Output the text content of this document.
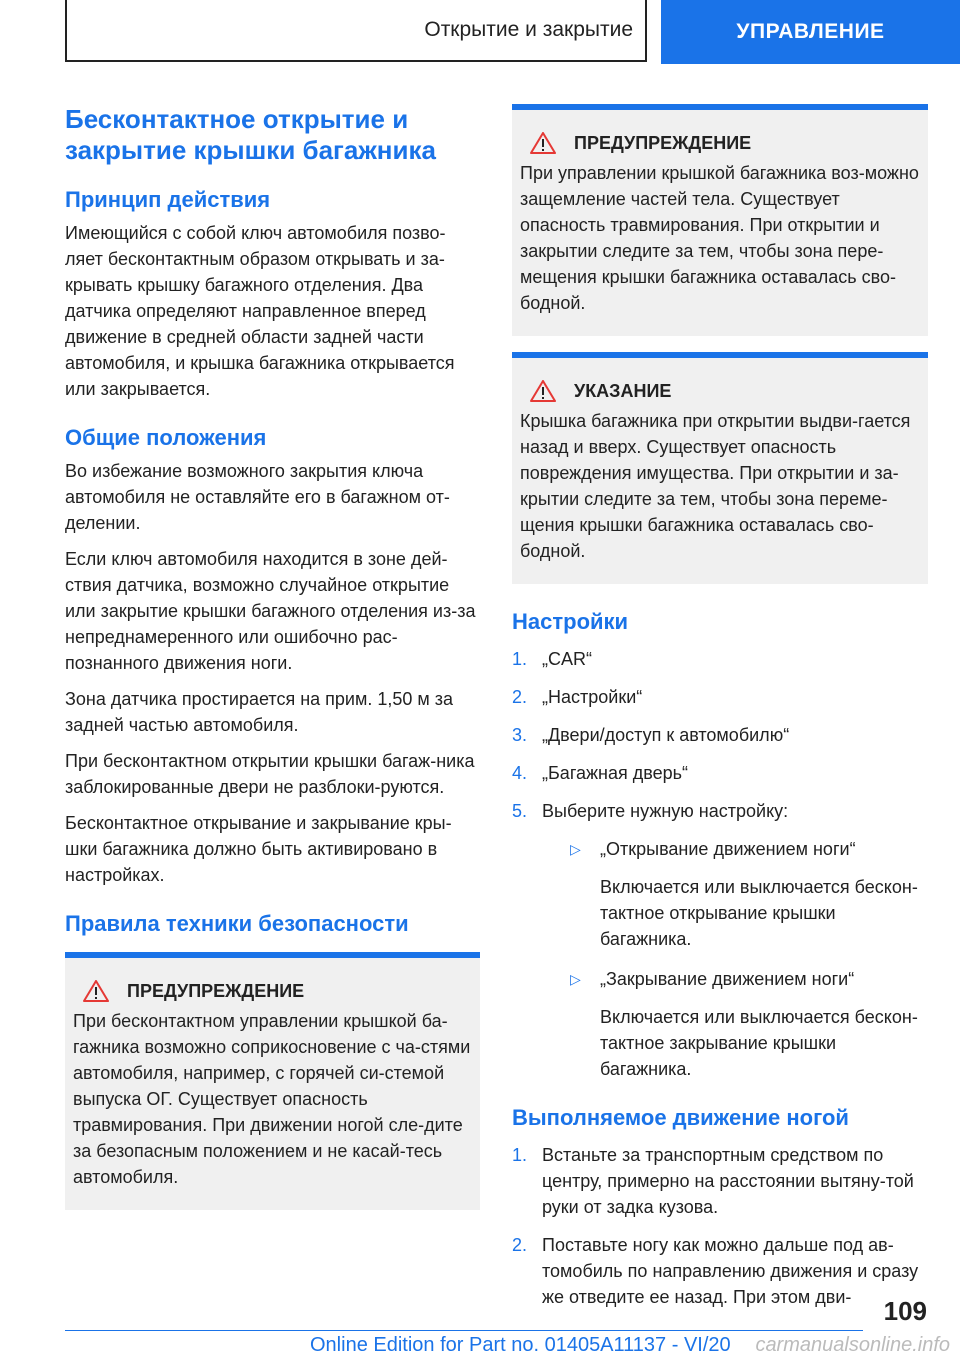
Открытие и закрытие	УПРАВЛЕНИЕ
Бесконтактное открытие и закрытие крышки багажника
Принцип действия

Имеющийся с собой ключ автомобиля позво-ляет бесконтактным образом открывать и за-крывать крышку багажного отделения. Два датчика определяют направленное вперед движение в средней области задней части автомобиля, и крышка багажника открывается или закрывается.

Общие положения

Во избежание возможного закрытия ключа автомобиля не оставляйте его в багажном от-делении.

Если ключ автомобиля находится в зоне дей-ствия датчика, возможно случайное открытие или закрытие крышки багажного отделения из-за непреднамеренного или ошибочно рас-познанного движения ноги.

Зона датчика простирается на прим. 1,50 м за задней частью автомобиля.

При бесконтактном открытии крышки багаж-ника заблокированные двери не разблоки-руются.

Бесконтактное открывание и закрывание кры-шки багажника должно быть активировано в настройках.

Правила техники безопасности
ПРЕДУПРЕЖДЕНИЕ

При бесконтактном управлении крышкой ба-гажника возможно соприкосновение с ча-стями автомобиля, например, с горячей си-стемой выпуска ОГ. Существует опасность травмирования. При движении ногой сле-дите за безопасным положением и не касай-тесь автомобиля.

ПРЕДУПРЕЖДЕНИЕ

При управлении крышкой багажника воз-можно защемление частей тела. Существует опасность травмирования. При открытии и закрытии следите за тем, чтобы зона пере-мещения крышки багажника оставалась сво-бодной.

УКАЗАНИЕ

Крышка багажника при открытии выдви-гается назад и вверх. Существует опасность повреждения имущества. При открытии и за-крытии следите за тем, чтобы зона переме-щения крышки багажника оставалась сво-бодной.

Настройки
1. „CAR“
2. „Настройки“
3. „Двери/доступ к автомобилю“
4. „Багажная дверь“
5. Выберите нужную настройку:
▷ „Открывание движением ноги“
Включается или выключается бескон-тактное открывание крышки багажника.
▷ „Закрывание движением ноги“
Включается или выключается бескон-тактное закрывание крышки багажника.
Выполняемое движение ногой
1. Встаньте за транспортным средством по центру, примерно на расстоянии вытяну-той руки от задка кузова.
2. Поставьте ногу как можно дальше под ав-томобиль по направлению движения и сразу же отведите ее назад. При этом дви-	109
Online Edition for Part no. 01405A11137 - VI/20 carmanualsonline.info
